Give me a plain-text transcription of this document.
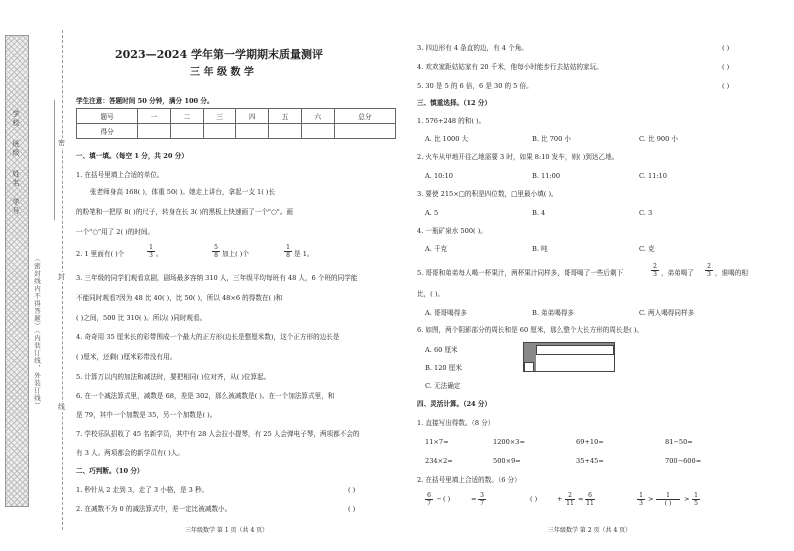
学 校
班 级
姓 名
学 号
（密封线内不得答题）（内装订线，外装订线）
密
封
线
2023—2024 学年第一学期期末质量测评
三 年 级 数 学
学生注意：答题时间 50 分钟，满分 100 分。
题号	一	二	三	四	五	六	总分
得分							
一、填一填。（每空 1 分，共 20 分）
1. 在括号里填上合适的单位。
张老师身高 168( )，体重 50( )。她走上讲台，拿起一支 1( )长
的粉笔和一把厚 8( )的尺子，转身在长 3( )的黑板上快速画了一个"○"。画
一个"○"用了 2( )的时间。
2. 1 里面有( )个	$\frac{1}{3}$ 。	$\frac{5}{8}$ 加上( )个	$\frac{1}{8}$ 是 1。
3. 三年级的同学们观看京剧，剧场最多容纳 310 人，三年级平均每班有 48 人，6 个班的同学能
不能同时观看?因为 48 比 40( )，比 50( )，所以 48×6 的得数在( )和
( )之间，500 比 310( )。所以( )同时观看。
4. 奇奇用 35 厘米长的彩带围成一个最大的正方形(边长是整厘米数)，这个正方形的边长是
( )厘米，还剩( )厘米彩带没有用。
5. 计算万以内的加法和减法时，要把相同( )位对齐，从( )位算起。
6. 在一个减法算式里，减数是 68，差是 302，那么被减数是( )。在一个加法算式里，和
是 79，其中一个加数是 35，另一个加数是( )。
7. 学校乐队招收了 45 名新学员，其中有 28 人会拉小提琴，有 25 人会弹电子琴，两项都不会的
有 3 人。两项都会的新学员有( )人。
二、巧判断。（10 分）
1. 秒针从 2 走到 3，走了 3 小格，是 3 秒。	( )
2. 在减数不为 0 的减法算式中，差一定比被减数小。	( )
三年级数学 第 1 页（共 4 页）
3. 四边形有 4 条直的边，有 4 个角。	( )
4. 欢欢家距姑姑家有 20 千米，他每小时能步行去姑姑的家玩。	( )
5. 30 是 5 的 6 倍，6 是 30 的 5 倍。	( )
三、慎重选择。（12 分）
1. 576+248 的和( )。
A. 比 1000 大	B. 比 700 小	C. 比 900 小
2. 火车从甲地开往乙地需要 3 时，如果 8:10 发车，则( )到达乙地。
A. 10:10	B. 11:00	C. 11:10
3. 要使 215×□的积是四位数，□里最小填( )。
A. 5	B. 4	C. 3
4. 一瓶矿泉水 500( )。
A. 千克	B. 吨	C. 克
5. 哥哥和弟弟每人喝一杯果汁，两杯果汁同样多，哥哥喝了一些后剩下	$\frac{2}{3}$ ，弟弟喝了 $\frac{2}{3}$ ，谁喝的相
比，( )。
A. 哥哥喝得多	B. 弟弟喝得多	C. 两人喝得同样多
6. 如图，两个阴影部分的周长和是 60 厘米，那么整个大长方形的周长是( )。
A. 60 厘米
B. 120 厘米
C. 无法确定
四、灵活计算。（24 分）
1. 直接写出得数。（8 分）
11×7=	1200×3=	69+10=	81−50=
234×2=	500×9=	35+45=	700−600=
2. 在括号里填上合适的数。（6 分）
$\frac{6}{7}$ − ( )	= $\frac{3}{7}$	( )	+ $\frac{2}{11} = \frac{6}{11}$	$\frac{1}{3}$ >	1
( )
> $\frac{1}{5}$
三年级数学 第 2 页（共 4 页）
